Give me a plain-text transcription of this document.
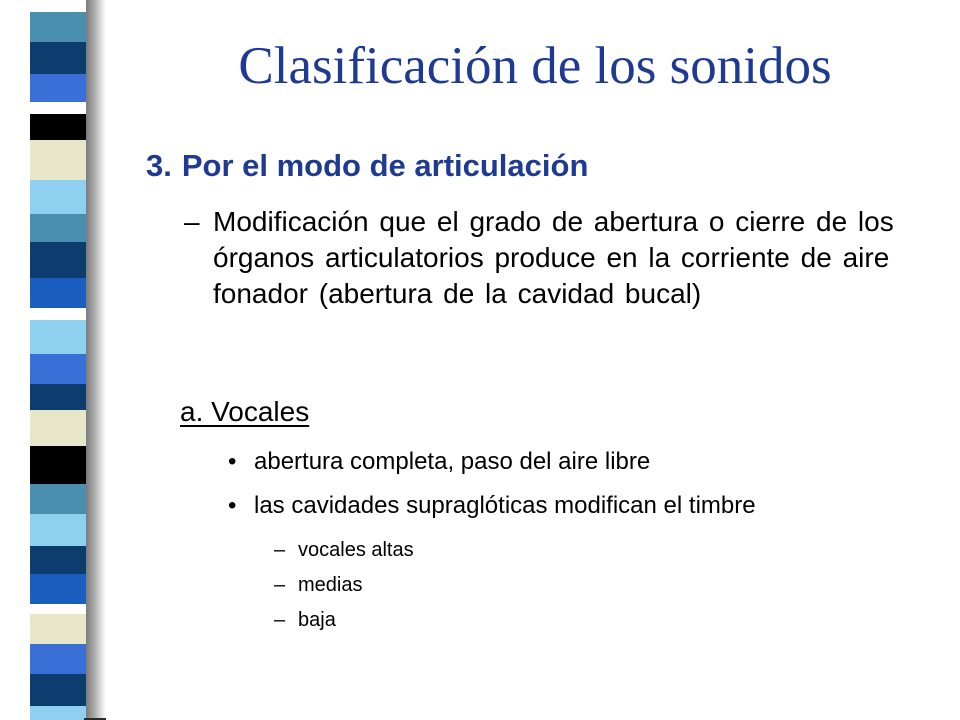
Clasificación de los sonidos
3. Por el modo de articulación
– Modificación que el grado de abertura o cierre de los órganos articulatorios produce en la corriente de aire fonador (abertura de la cavidad bucal)
a. Vocales
• abertura completa, paso del aire libre
• las cavidades supraglóticas modifican el timbre
– vocales altas
– medias
– baja
